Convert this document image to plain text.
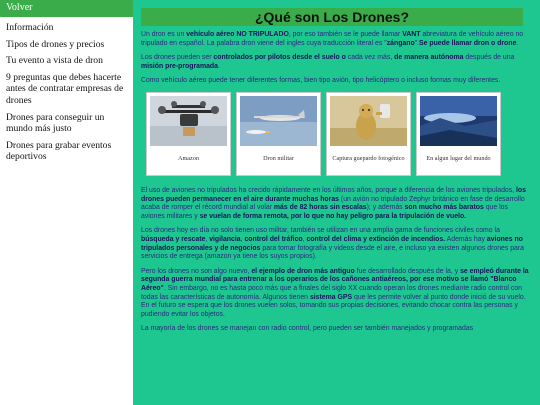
Volver
Información
Tipos de drones y precios
Tu evento a vista de dron
9 preguntas que debes hacerte antes de contratar empresas de drones
Drones para conseguir un mundo más justo
Drones para grabar eventos deportivos
¿Qué son Los Drones?

Un dron es un vehículo aéreo NO TRIPULADO, por eso también se le puede llamar VANT abreviatura de vehículo aéreo no tripulado en español. La palabra dron viene del ingles cuya traducción literal es "zángano".Se puede llamar dron o drone.

Los drones pueden ser controlados por pilotos desde el suelo o cada vez más, de manera autónoma después de una misión pre-programada.

Como vehículo aéreo puede tener diferentes formas, bien tipo avión, tipo helicóptero o incluso formas muy diferentes.

Amazon	Dron militar	Captura guepardo fotogénico	En algun lugar del mundo

El uso de aviones no tripulados ha crecido rápidamente en los últimos años, porque a diferencia de los aviones tripulados, los drones pueden permanecer en el aire durante muchas horas (un avión no tripulado Zephyr británico en fase de desarrollo acaba de romper el récord mundial al volar más de 82 horas sin escalas); y además son mucho más baratos que los aviones militares y se vuelan de forma remota, por lo que no hay peligro para la tripulación de vuelo.

Los drones hoy en día no solo tienen uso militar, también se utilizan en una amplia gama de funciones civiles como la búsqueda y rescate, vigilancia, control del tráfico, control del clima y extinción de incendios. Además hay aviones no tripulados personales y de negocios para tomar fotografía y videos desde el aire, e incluso ya existen algunos drones para servicios de entrega (amazon ya tiene los suyos propios).

Pero los drones no son algo nuevo, el ejemplo de dron más antiguo fue desarrollado después de la, y se empleó durante la segunda guerra mundial para entrenar a los operarios de los cañones antiaéreos, por ese motivo se llamó "Blanco Aéreo". Sin embargo, no es hasta poco más que a finales del siglo XX cuando operan los drones mediante radio control con todas las características de autonomía. Algunos tienen sistema GPS que les permite volver al punto donde inició de su vuelo. En el futuro se espera que los drones vuelen solos, tomando sus propias decisiones, evitando chocar contra las personas y pudiendo evitar los objetos.

La mayoría de los drones se manejan con radio control, pero pueden ser también manejados y programadas
